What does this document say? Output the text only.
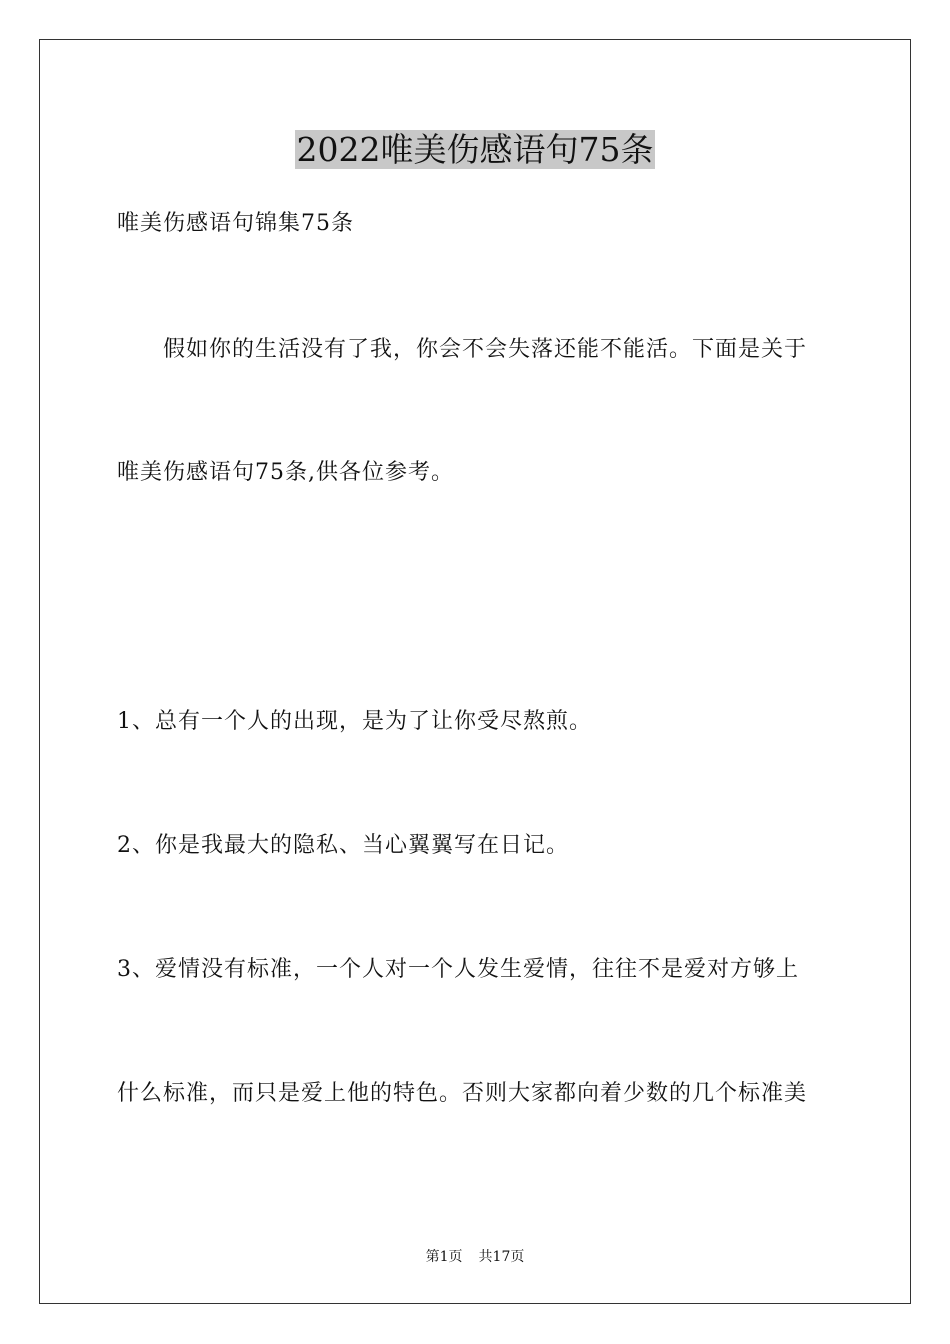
2022唯美伤感语句75条
唯美伤感语句锦集75条
假如你的生活没有了我，你会不会失落还能不能活。下面是关于
唯美伤感语句75条,供各位参考。
1、总有一个人的出现，是为了让你受尽熬煎。
2、你是我最大的隐私、当心翼翼写在日记。
3、爱情没有标准，一个人对一个人发生爱情，往往不是爱对方够上
什么标准，而只是爱上他的特色。否则大家都向着少数的几个标准美
第1页 共17页
